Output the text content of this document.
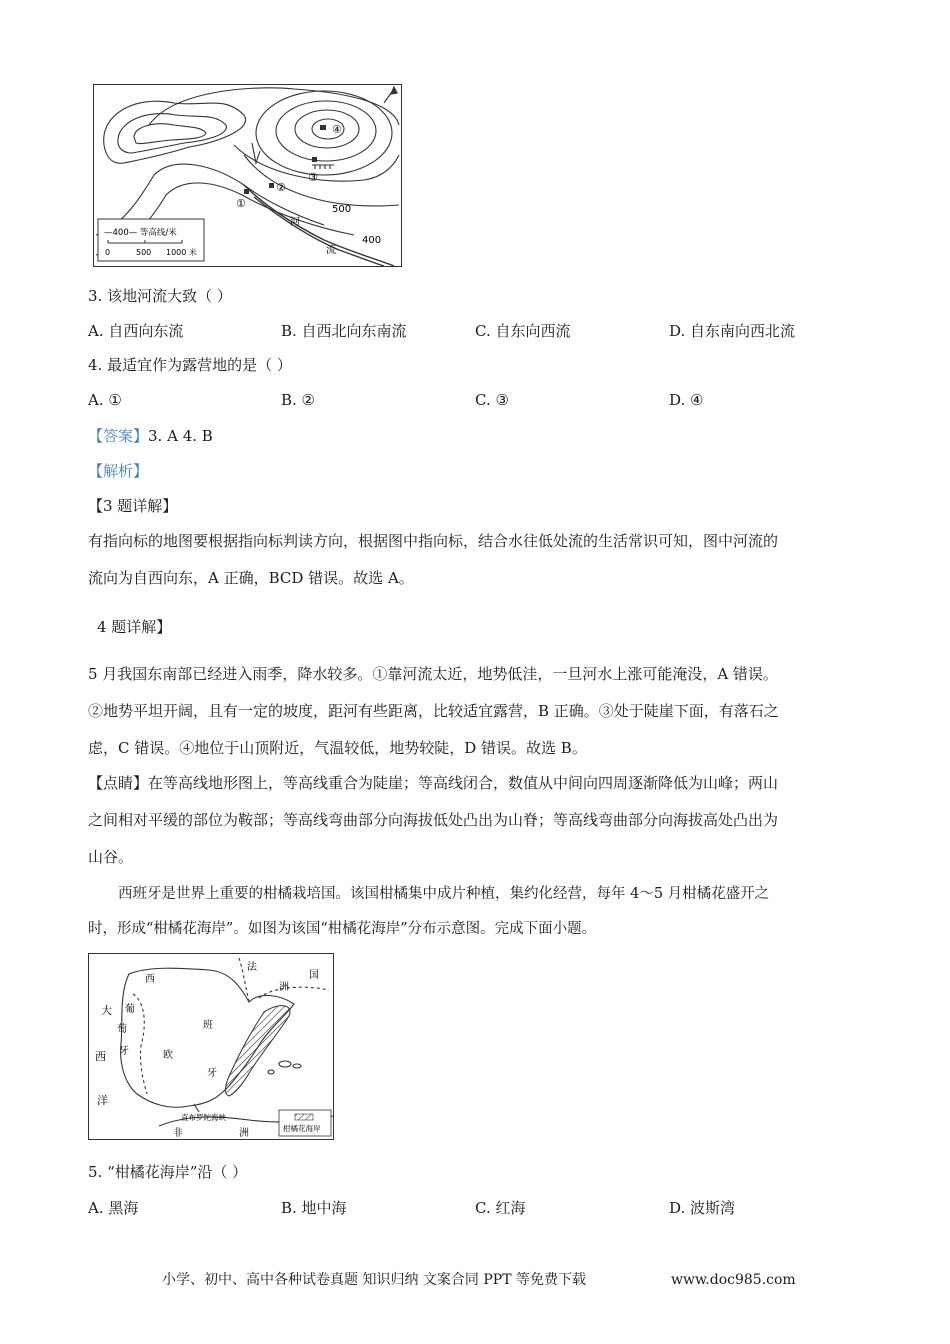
④
③
②
①	500
400
河
流
—400— 等高线/米
0	500 1000 米
3. 该地河流大致（ ）
A. 自西向东流	B. 自西北向东南流	C. 自东向西流	D. 自东南向西北流
4. 最适宜作为露营地的是（ ）
A. ①	B. ②	C. ③	D. ④
【答案】3. A 4. B
【解析】
【3 题详解】
有指向标的地图要根据指向标判读方向，根据图中指向标，结合水往低处流的生活常识可知，图中河流的
流向为自西向东，A 正确，BCD 错误。故选 A。
4 题详解】
5 月我国东南部已经进入雨季，降水较多。①靠河流太近，地势低洼，一旦河水上涨可能淹没，A 错误。
②地势平坦开阔，且有一定的坡度，距河有些距离，比较适宜露营，B 正确。③处于陡崖下面，有落石之
虑，C 错误。④地位于山顶附近，气温较低，地势较陡，D 错误。故选 B。
【点睛】在等高线地形图上，等高线重合为陡崖；等高线闭合，数值从中间向四周逐渐降低为山峰；两山
之间相对平缓的部位为鞍部；等高线弯曲部分向海拔低处凸出为山脊；等高线弯曲部分向海拔高处凸出为
山谷。
西班牙是世界上重要的柑橘栽培国。该国柑橘集中成片种植，集约化经营，每年 4～5 月柑橘花盛开之
时，形成“柑橘花海岸”。如图为该国“柑橘花海岸”分布示意图。完成下面小题。
法
国
洲
西
葡
萄
牙
班
欧
牙
大
西
洋
非	洲
直布罗陀海峡
柑橘花海岸
5. “柑橘花海岸”沿（ ）
A. 黑海	B. 地中海	C. 红海	D. 波斯湾
小学、初中、高中各种试卷真题 知识归纳 文案合同 PPT 等免费下载	www.doc985.com
